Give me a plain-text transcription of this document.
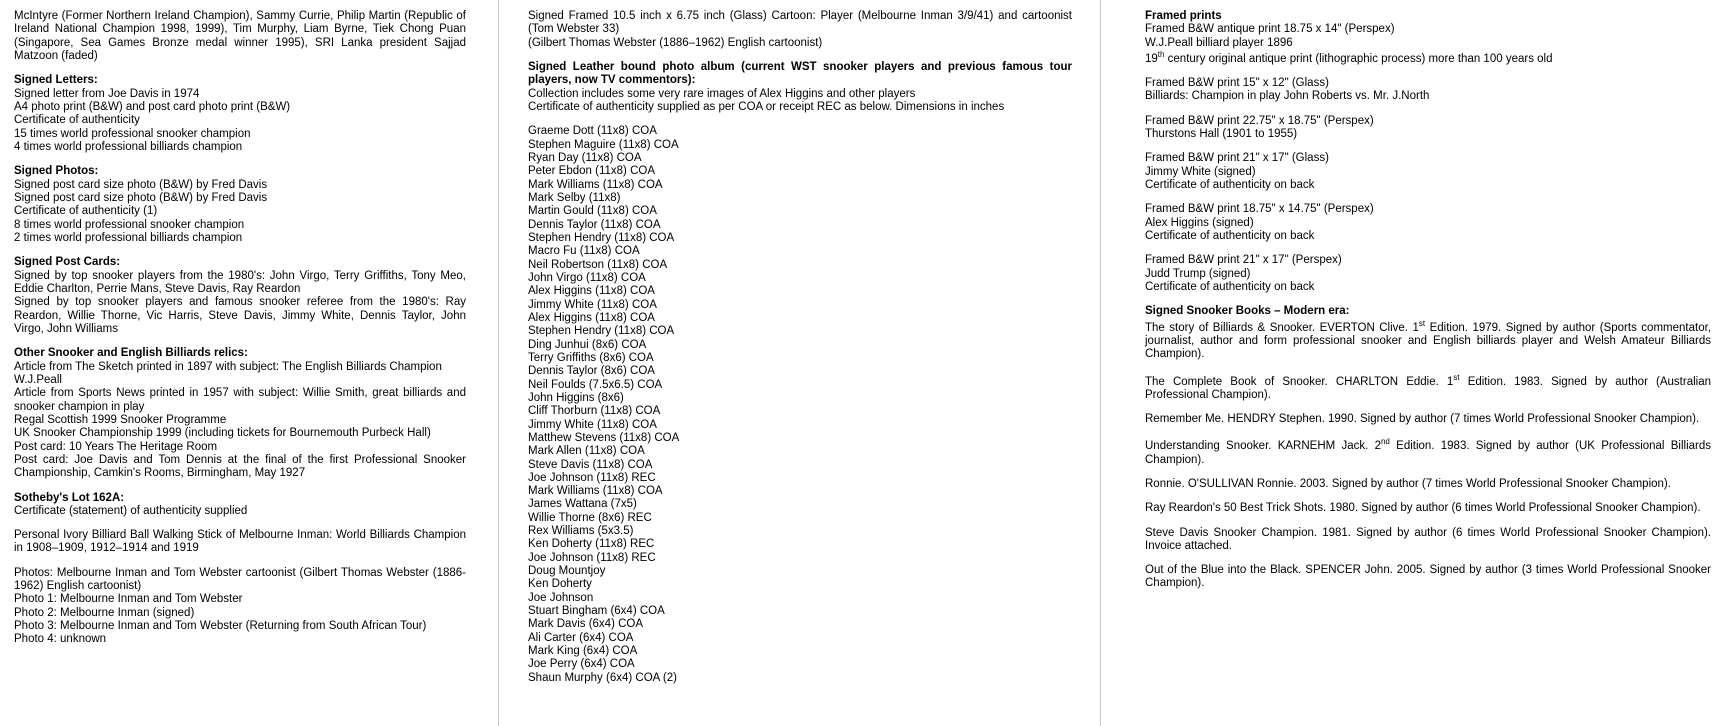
McIntyre (Former Northern Ireland Champion), Sammy Currie, Philip Martin (Republic of Ireland National Champion 1998, 1999), Tim Murphy, Liam Byrne, Tiek Chong Puan (Singapore, Sea Games Bronze medal winner 1995), SRI Lanka president Sajjad Matzoon (faded)

Signed Letters:

Signed letter from Joe Davis in 1974

A4 photo print (B&W) and post card photo print (B&W)

Certificate of authenticity

15 times world professional snooker champion

4 times world professional billiards champion

Signed Photos:

Signed post card size photo (B&W) by Fred Davis

Signed post card size photo (B&W) by Fred Davis

Certificate of authenticity (1)

8 times world professional snooker champion

2 times world professional billiards champion

Signed Post Cards:

Signed by top snooker players from the 1980's: John Virgo, Terry Griffiths, Tony Meo, Eddie Charlton, Perrie Mans, Steve Davis, Ray Reardon

Signed by top snooker players and famous snooker referee from the 1980's: Ray Reardon, Willie Thorne, Vic Harris, Steve Davis, Jimmy White, Dennis Taylor, John Virgo, John Williams

Other Snooker and English Billiards relics:

Article from The Sketch printed in 1897 with subject: The English Billiards Champion W.J.Peall

Article from Sports News printed in 1957 with subject: Willie Smith, great billiards and snooker champion in play

Regal Scottish 1999 Snooker Programme

UK Snooker Championship 1999 (including tickets for Bournemouth Purbeck Hall)

Post card: 10 Years The Heritage Room

Post card: Joe Davis and Tom Dennis at the final of the first Professional Snooker Championship, Camkin's Rooms, Birmingham, May 1927

Sotheby's Lot 162A:

Certificate (statement) of authenticity supplied

Personal Ivory Billiard Ball Walking Stick of Melbourne Inman: World Billiards Champion in 1908–1909, 1912–1914 and 1919

Photos: Melbourne Inman and Tom Webster cartoonist (Gilbert Thomas Webster (1886-1962) English cartoonist)

Photo 1: Melbourne Inman and Tom Webster

Photo 2: Melbourne Inman (signed)

Photo 3: Melbourne Inman and Tom Webster (Returning from South African Tour)

Photo 4: unknown

Signed Framed 10.5 inch x 6.75 inch (Glass) Cartoon: Player (Melbourne Inman 3/9/41) and cartoonist (Tom Webster 33)

(Gilbert Thomas Webster (1886–1962) English cartoonist)

Signed Leather bound photo album (current WST snooker players and previous famous tour players, now TV commentors):

Collection includes some very rare images of Alex Higgins and other players

Certificate of authenticity supplied as per COA or receipt REC as below. Dimensions in inches

Graeme Dott (11x8) COA

Stephen Maguire (11x8) COA

Ryan Day (11x8) COA

Peter Ebdon (11x8) COA

Mark Williams (11x8) COA

Mark Selby (11x8)

Martin Gould (11x8) COA

Dennis Taylor (11x8) COA

Stephen Hendry (11x8) COA

Macro Fu (11x8) COA

Neil Robertson (11x8) COA

John Virgo (11x8) COA

Alex Higgins (11x8) COA

Jimmy White (11x8) COA

Alex Higgins (11x8) COA

Stephen Hendry (11x8) COA

Ding Junhui (8x6) COA

Terry Griffiths (8x6) COA

Dennis Taylor (8x6) COA

Neil Foulds (7.5x6.5) COA

John Higgins (8x6)

Cliff Thorburn (11x8) COA

Jimmy White (11x8) COA

Matthew Stevens (11x8) COA

Mark Allen (11x8) COA

Steve Davis (11x8) COA

Joe Johnson (11x8) REC

Mark Williams (11x8) COA

James Wattana (7x5)

Willie Thorne (8x6) REC

Rex Williams (5x3.5)

Ken Doherty (11x8) REC

Joe Johnson (11x8) REC

Doug Mountjoy

Ken Doherty

Joe Johnson

Stuart Bingham (6x4) COA

Mark Davis (6x4) COA

Ali Carter (6x4) COA

Mark King (6x4) COA

Joe Perry (6x4) COA

Shaun Murphy (6x4) COA (2)

Framed prints

Framed B&W antique print 18.75 x 14" (Perspex)

W.J.Peall billiard player 1896

19th century original antique print (lithographic process) more than 100 years old

Framed B&W print 15" x 12" (Glass)

Billiards: Champion in play John Roberts vs. Mr. J.North

Framed B&W print 22.75" x 18.75" (Perspex)

Thurstons Hall (1901 to 1955)

Framed B&W print 21" x 17" (Glass)

Jimmy White (signed)

Certificate of authenticity on back

Framed B&W print 18.75" x 14.75" (Perspex)

Alex Higgins (signed)

Certificate of authenticity on back

Framed B&W print 21" x 17" (Perspex)

Judd Trump (signed)

Certificate of authenticity on back

Signed Snooker Books – Modern era:

The story of Billiards & Snooker. EVERTON Clive. 1st Edition. 1979. Signed by author (Sports commentator, journalist, author and form professional snooker and English billiards player and Welsh Amateur Billiards Champion).

The Complete Book of Snooker. CHARLTON Eddie. 1st Edition. 1983. Signed by author (Australian Professional Champion).

Remember Me. HENDRY Stephen. 1990. Signed by author (7 times World Professional Snooker Champion).

Understanding Snooker. KARNEHM Jack. 2nd Edition. 1983. Signed by author (UK Professional Billiards Champion).

Ronnie. O'SULLIVAN Ronnie. 2003. Signed by author (7 times World Professional Snooker Champion).

Ray Reardon's 50 Best Trick Shots. 1980. Signed by author (6 times World Professional Snooker Champion).

Steve Davis Snooker Champion. 1981. Signed by author (6 times World Professional Snooker Champion). Invoice attached.

Out of the Blue into the Black. SPENCER John. 2005. Signed by author (3 times World Professional Snooker Champion).
